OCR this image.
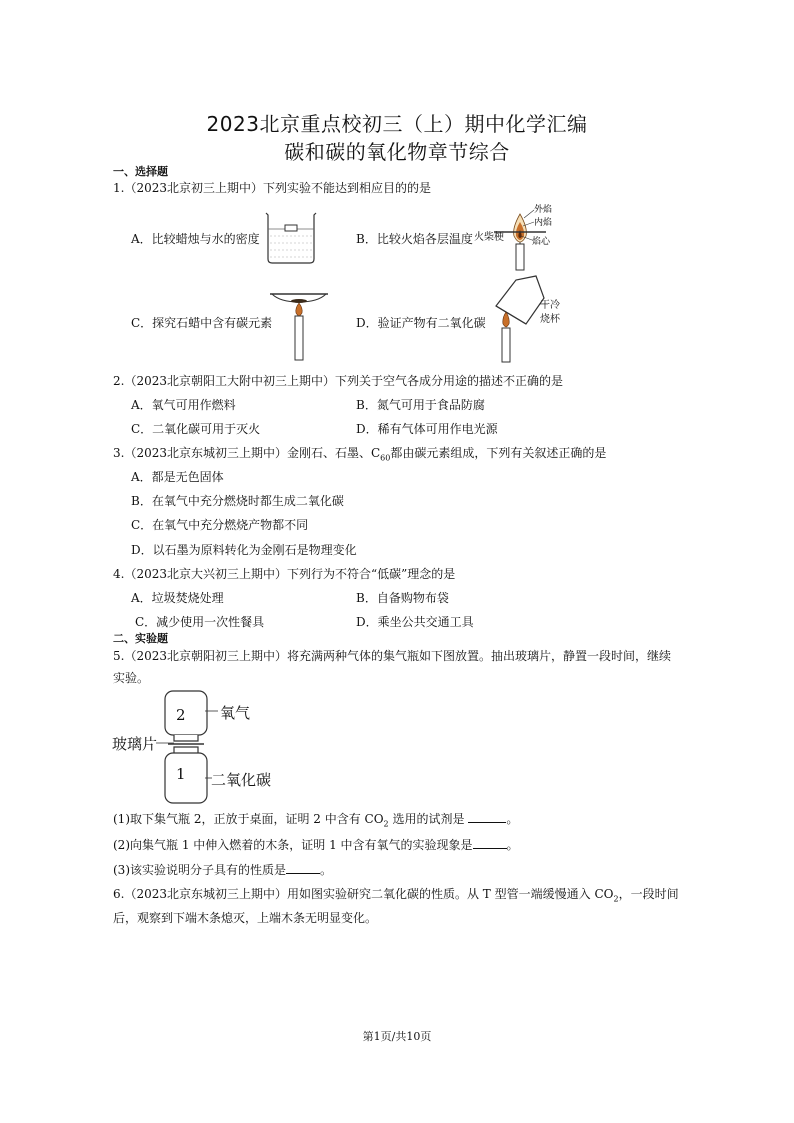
2023北京重点校初三（上）期中化学汇编
碳和碳的氧化物章节综合
一、选择题
1.（2023北京初三上期中）下列实验不能达到相应目的的是
A．比较蜡烛与水的密度	B．比较火焰各层温度
外焰
内焰
焰心
火柴梗
C．探究石蜡中含有碳元素	D．验证产物有二氧化碳
干冷
烧杯
2.（2023北京朝阳工大附中初三上期中）下列关于空气各成分用途的描述不正确的是
A．氧气可用作燃料	B．氮气可用于食品防腐
C．二氧化碳可用于灭火	D．稀有气体可用作电光源
3.（2023北京东城初三上期中）金刚石、石墨、$C_{60}$都由碳元素组成，下列有关叙述正确的是
A．都是无色固体
B．在氧气中充分燃烧时都生成二氧化碳
C．在氧气中充分燃烧产物都不同
D．以石墨为原料转化为金刚石是物理变化
4.（2023北京大兴初三上期中）下列行为不符合“低碳”理念的是
A．垃圾焚烧处理	B．自备购物布袋
C．减少使用一次性餐具	D．乘坐公共交通工具
二、实验题
5.（2023北京朝阳初三上期中）将充满两种气体的集气瓶如下图放置。抽出玻璃片，静置一段时间，继续
实验。
2
1
氧气
玻璃片
二氧化碳
(1)取下集气瓶 2，正放于桌面，证明 2 中含有 $CO_2$ 选用的试剂是	。
(2)向集气瓶 1 中伸入燃着的木条，证明 1 中含有氧气的实验现象是	。
(3)该实验说明分子具有的性质是	。
6.（2023北京东城初三上期中）用如图实验研究二氧化碳的性质。从 T 型管一端缓慢通入 $CO_2$，一段时间
后，观察到下端木条熄灭，上端木条无明显变化。
第1页/共10页
